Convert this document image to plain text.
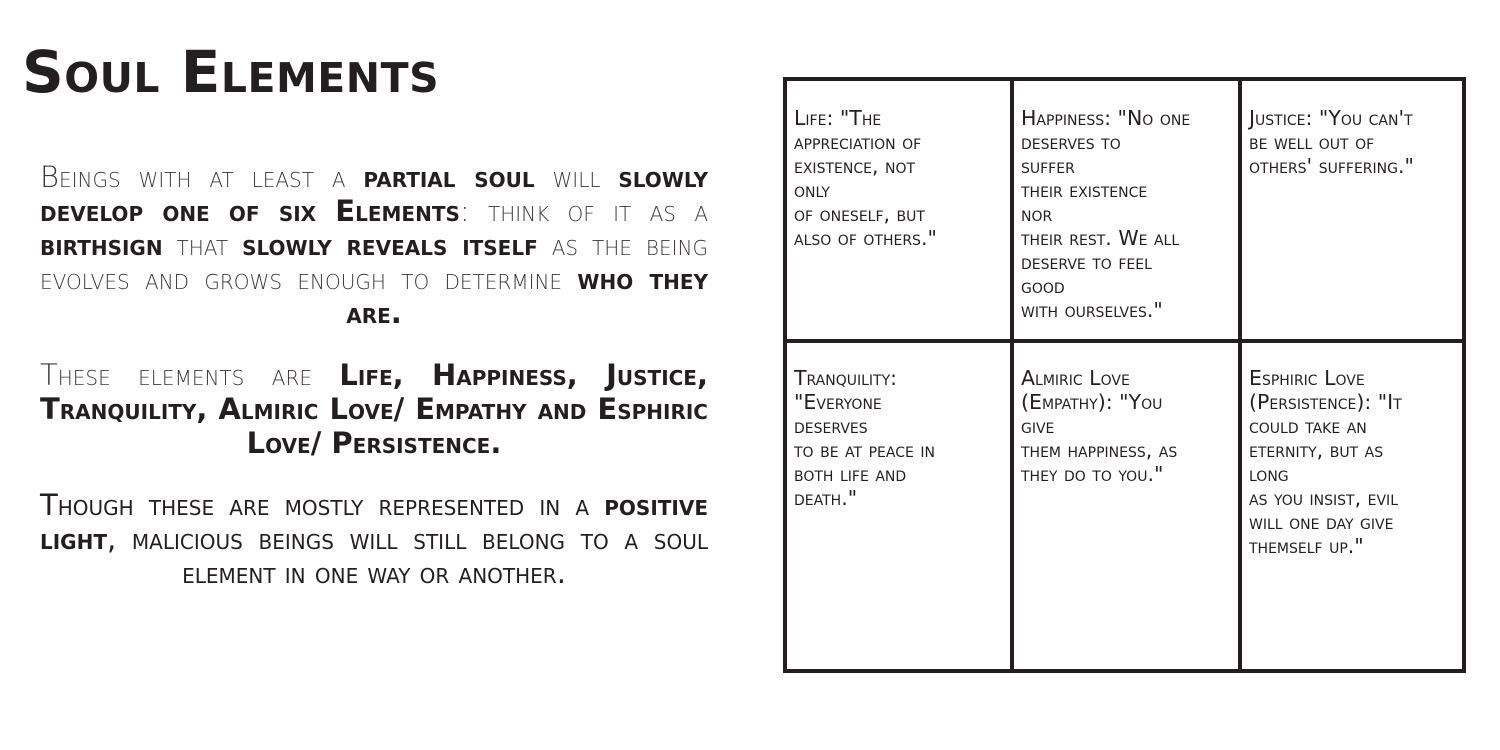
Soul Elements

Beings with at least a partial soul will slowly develop one of six Elements: think of it as a birthsign that slowly reveals itself as the being evolves and grows enough to determine who they are.

These elements are Life, Happiness, Justice, Tranquility, Almiric Love/ Empathy and Esphiric Love/ Persistence.

Though these are mostly represented in a positive light, malicious beings will still belong to a soul element in one way or another.

Life: "The
appreciation of
existence, not
only
of oneself, but
also of others."
Happiness: "No one
deserves to
suffer
their existence
nor
their rest. We all
deserve to feel
good
with ourselves."
Justice: "You can't
be well out of
others' suffering."
Tranquility:
"Everyone
deserves
to be at peace in
both life and
death."
Almiric Love
(Empathy): "You
give
them happiness, as
they do to you."
Esphiric Love
(Persistence): "It
could take an
eternity, but as
long
as you insist, evil
will one day give
themself up."
